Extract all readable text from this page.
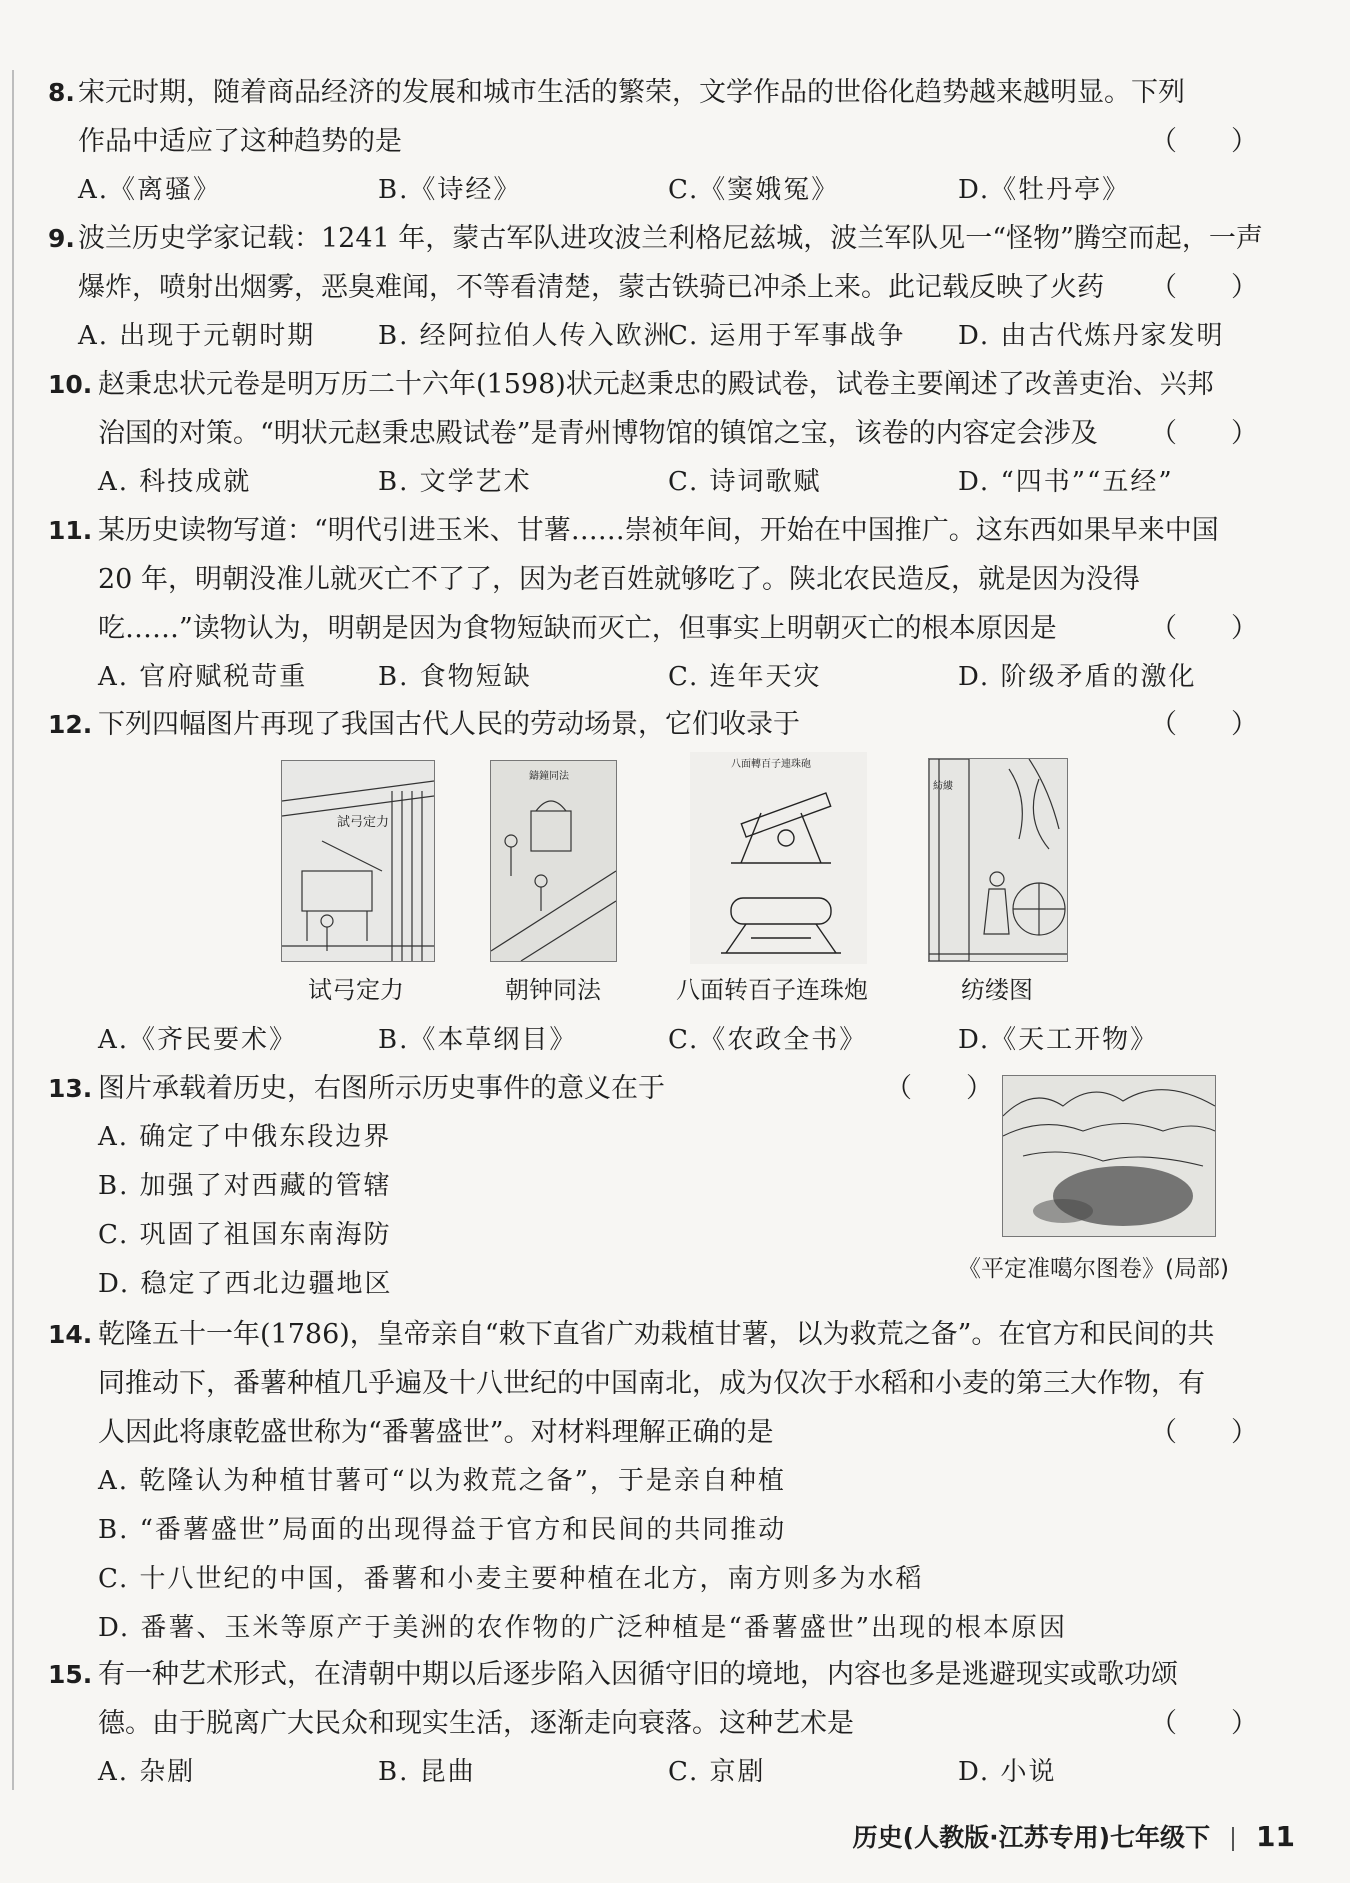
8. 宋元时期，随着商品经济的发展和城市生活的繁荣，文学作品的世俗化趋势越来越明显。下列
作品中适应了这种趋势的是	（　　）
A.《离骚》	B.《诗经》	C.《窦娥冤》	D.《牡丹亭》
9. 波兰历史学家记载：1241 年，蒙古军队进攻波兰利格尼兹城，波兰军队见一“怪物”腾空而起，一声
爆炸，喷射出烟雾，恶臭难闻，不等看清楚，蒙古铁骑已冲杀上来。此记载反映了火药 （　　）
A. 出现于元朝时期 B. 经阿拉伯人传入欧洲
C. 运用于军事战争 D. 由古代炼丹家发明
10. 赵秉忠状元卷是明万历二十六年(1598)状元赵秉忠的殿试卷，试卷主要阐述了改善吏治、兴邦
治国的对策。“明状元赵秉忠殿试卷”是青州博物馆的镇馆之宝，该卷的内容定会涉及 （　　）
A. 科技成就	B. 文学艺术	C. 诗词歌赋	D. “四书”“五经”
11. 某历史读物写道：“明代引进玉米、甘薯……崇祯年间，开始在中国推广。这东西如果早来中国
20 年，明朝没准儿就灭亡不了了，因为老百姓就够吃了。陕北农民造反，就是因为没得
吃……”读物认为，明朝是因为食物短缺而灭亡，但事实上明朝灭亡的根本原因是	（　　）
A. 官府赋税苛重	B. 食物短缺	C. 连年天灾	D. 阶级矛盾的激化
12. 下列四幅图片再现了我国古代人民的劳动场景，它们收录于	（　　）
試弓定力
鑄鐘同法
八面轉百子連珠砲
紡縷
试弓定力	朝钟同法	八面转百子连珠炮	纺缕图
A.《齐民要术》	B.《本草纲目》	C.《农政全书》	D.《天工开物》
13. 图片承载着历史，右图所示历史事件的意义在于	（　　）
A. 确定了中俄东段边界
B. 加强了对西藏的管辖
C. 巩固了祖国东南海防
D. 稳定了西北边疆地区	《平定准噶尔图卷》(局部)
14. 乾隆五十一年(1786)，皇帝亲自“敕下直省广劝栽植甘薯，以为救荒之备”。在官方和民间的共
同推动下，番薯种植几乎遍及十八世纪的中国南北，成为仅次于水稻和小麦的第三大作物，有
人因此将康乾盛世称为“番薯盛世”。对材料理解正确的是	（　　）
A. 乾隆认为种植甘薯可“以为救荒之备”，于是亲自种植
B. “番薯盛世”局面的出现得益于官方和民间的共同推动
C. 十八世纪的中国，番薯和小麦主要种植在北方，南方则多为水稻
D. 番薯、玉米等原产于美洲的农作物的广泛种植是“番薯盛世”出现的根本原因
15. 有一种艺术形式，在清朝中期以后逐步陷入因循守旧的境地，内容也多是逃避现实或歌功颂
德。由于脱离广大民众和现实生活，逐渐走向衰落。这种艺术是	（　　）
A. 杂剧	B. 昆曲	C. 京剧	D. 小说
历史(人教版·江苏专用)七年级下 11
